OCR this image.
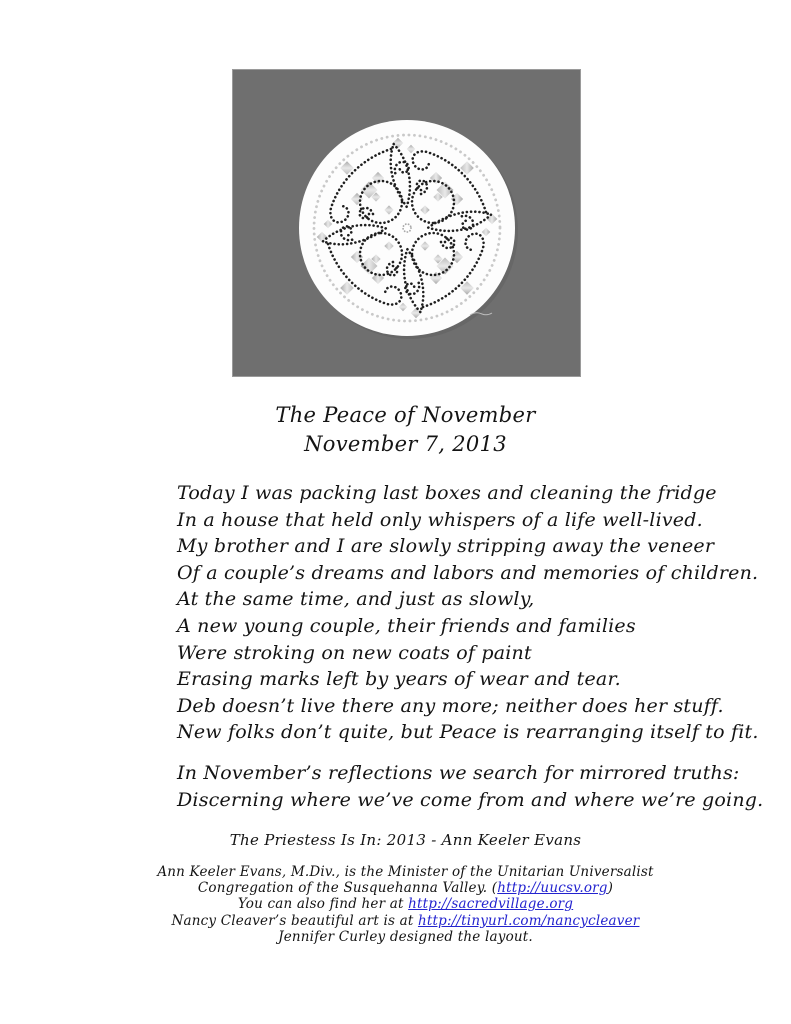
The Peace of November
November 7, 2013
Today I was packing last boxes and cleaning the fridge
In a house that held only whispers of a life well-lived.
My brother and I are slowly stripping away the veneer
Of a couple’s dreams and labors and memories of children.
At the same time, and just as slowly,
A new young couple, their friends and families
Were stroking on new coats of paint
Erasing marks left by years of wear and tear.
Deb doesn’t live there any more; neither does her stuff.
New folks don’t quite, but Peace is rearranging itself to fit.
In November’s reflections we search for mirrored truths:
Discerning where we’ve come from and where we’re going.
The Priestess Is In: 2013 - Ann Keeler Evans
Ann Keeler Evans, M.Div., is the Minister of the Unitarian Universalist
Congregation of the Susquehanna Valley. (http://uucsv.org)
You can also find her at http://sacredvillage.org
Nancy Cleaver’s beautiful art is at http://tinyurl.com/nancycleaver
Jennifer Curley designed the layout.
